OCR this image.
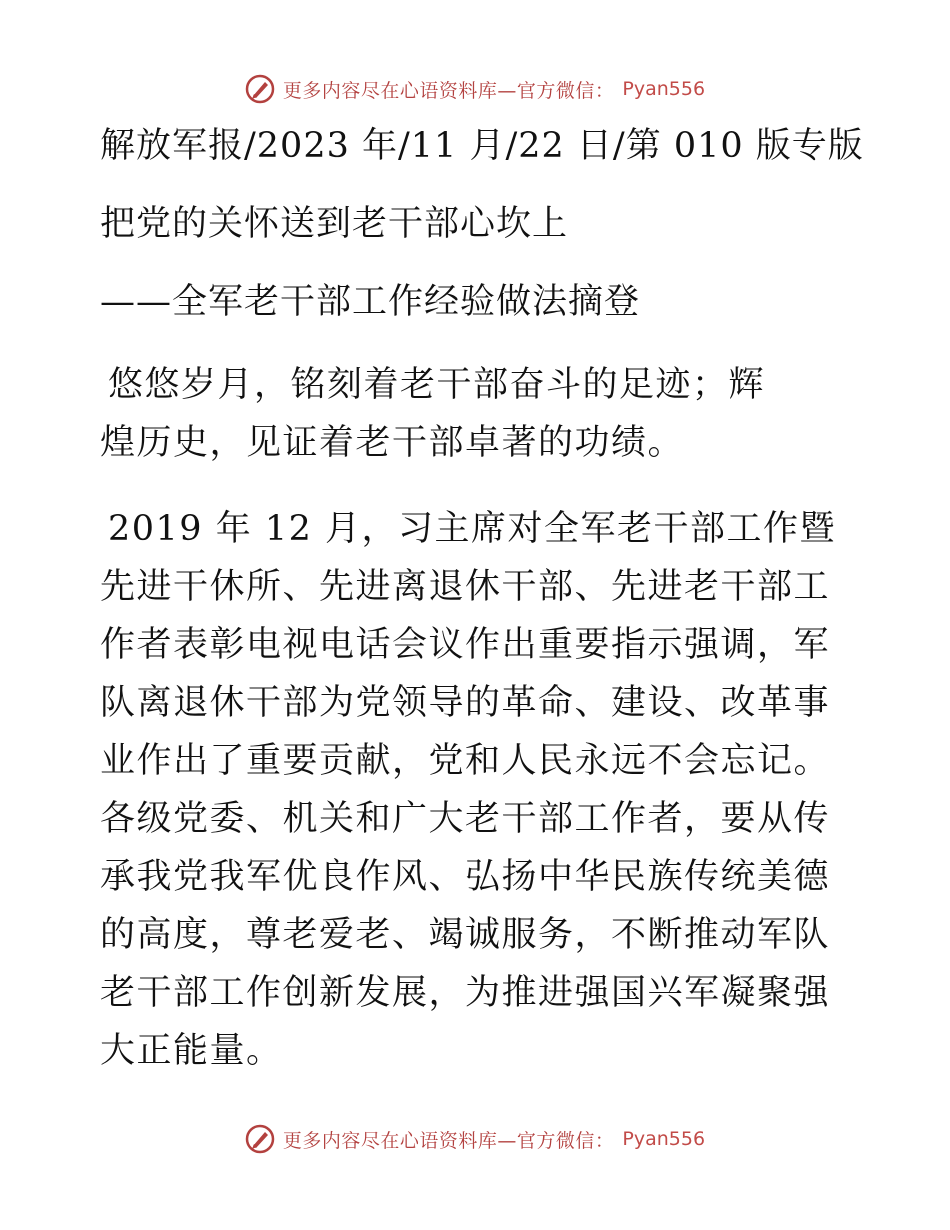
更多内容尽在心语资料库—官方微信： Pyan556
解放军报/2023 年/11 月/22 日/第 010 版专版
把党的关怀送到老干部心坎上
——全军老干部工作经验做法摘登

悠悠岁月，铭刻着老干部奋斗的足迹；辉煌历史，见证着老干部卓著的功绩。

2019 年 12 月，习主席对全军老干部工作暨先进干休所、先进离退休干部、先进老干部工作者表彰电视电话会议作出重要指示强调，军队离退休干部为党领导的革命、建设、改革事业作出了重要贡献，党和人民永远不会忘记。各级党委、机关和广大老干部工作者，要从传承我党我军优良作风、弘扬中华民族传统美德的高度，尊老爱老、竭诚服务，不断推动军队老干部工作创新发展，为推进强国兴军凝聚强大正能量。

更多内容尽在心语资料库—官方微信： Pyan556
